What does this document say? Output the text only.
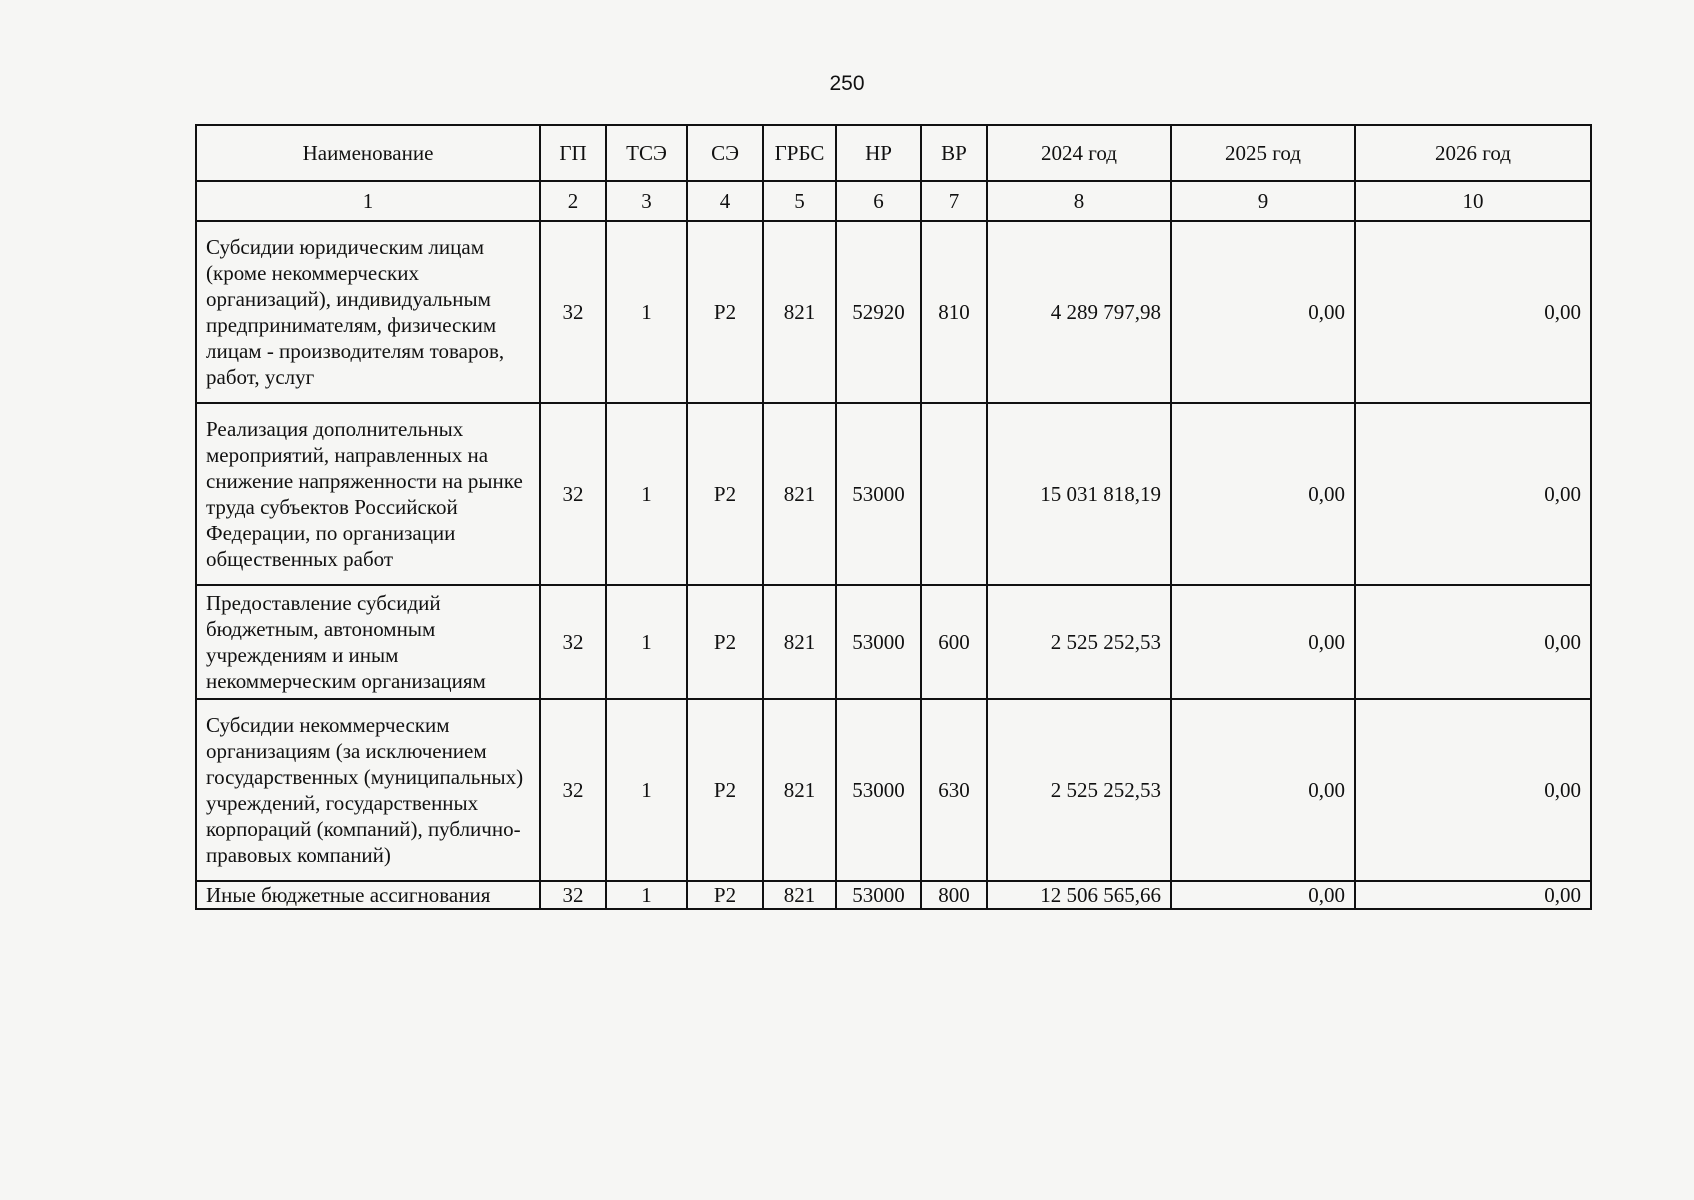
250
Наименование	ГП	ТСЭ	СЭ	ГРБС	НР	ВР	2024 год	2025 год	2026 год
1	2	3	4	5	6	7	8	9	10
Субсидии юридическим лицам (кроме некоммерческих организаций), индивидуальным предпринимателям, физическим лицам - производителям товаров, работ, услуг	32	1	Р2	821	52920	810	4 289 797,98	0,00	0,00
Реализация дополнительных мероприятий, направленных на снижение напряженности на рынке труда субъектов Российской Федерации, по организации общественных работ	32	1	Р2	821	53000		15 031 818,19	0,00	0,00
Предоставление субсидий бюджетным, автономным учреждениям и иным некоммерческим организациям	32	1	Р2	821	53000	600	2 525 252,53	0,00	0,00
Субсидии некоммерческим организациям (за исключением государственных (муниципальных) учреждений, государственных корпораций (компаний), публично-правовых компаний)	32	1	Р2	821	53000	630	2 525 252,53	0,00	0,00
Иные бюджетные ассигнования	32	1	Р2	821	53000	800	12 506 565,66	0,00	0,00
